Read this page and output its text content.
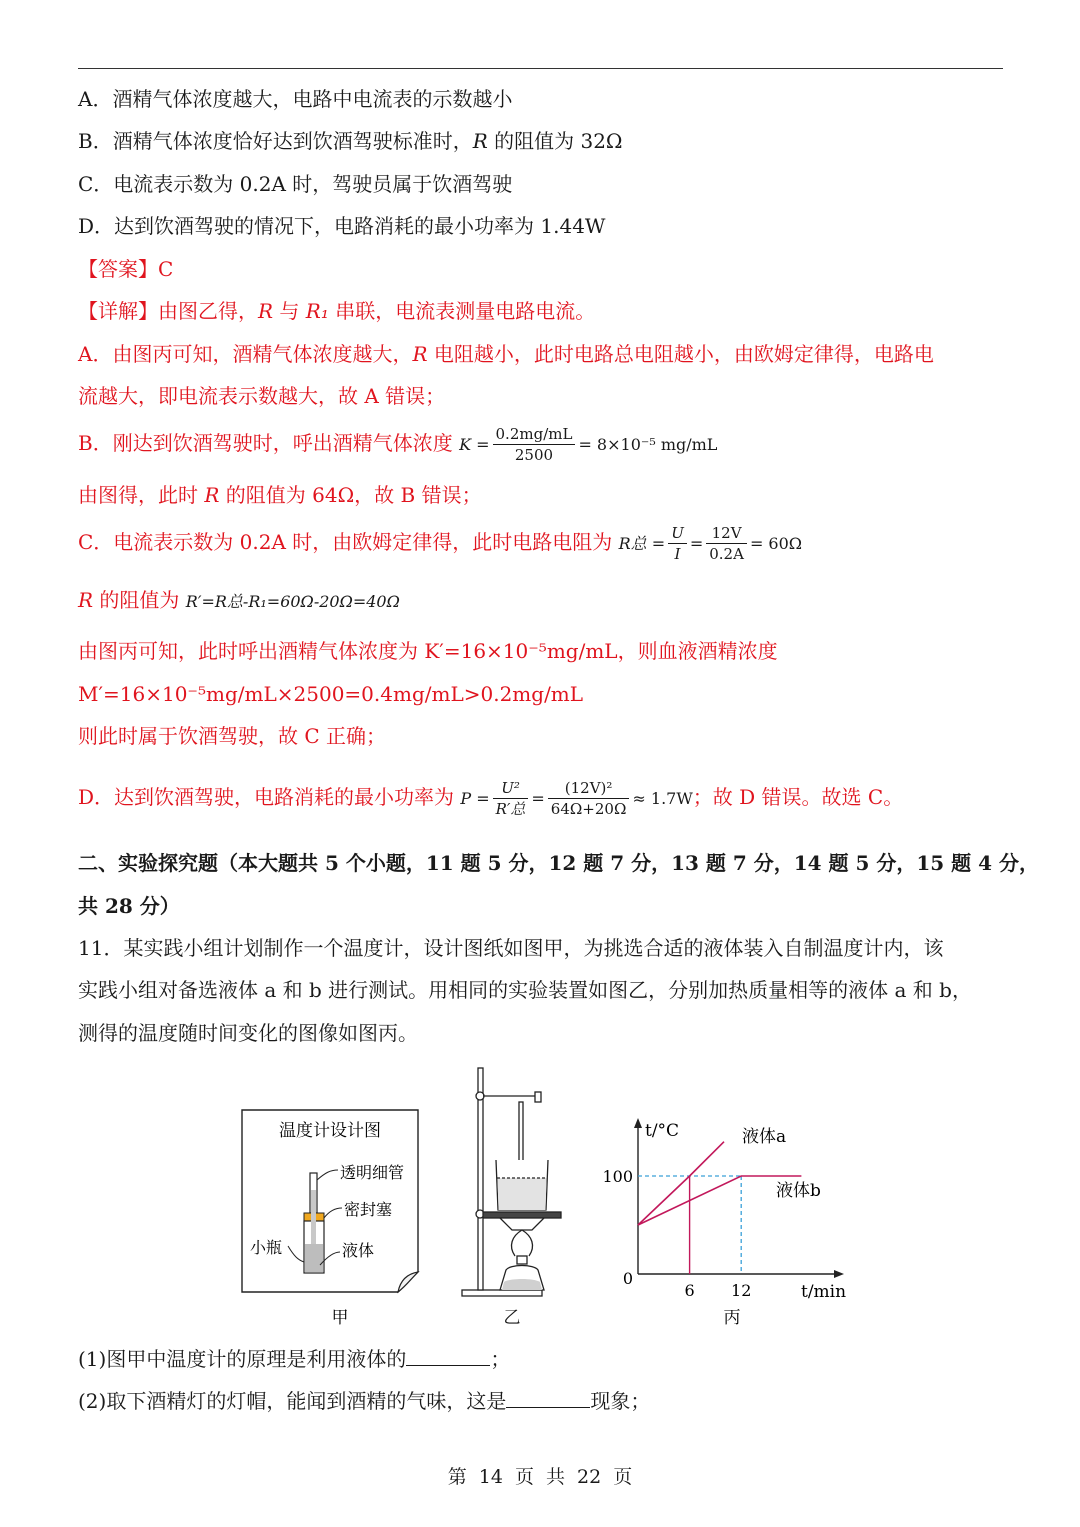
A．酒精气体浓度越大，电路中电流表的示数越小
B．酒精气体浓度恰好达到饮酒驾驶标准时，R 的阻值为 32Ω
C．电流表示数为 0.2A 时，驾驶员属于饮酒驾驶
D．达到饮酒驾驶的情况下，电路消耗的最小功率为 1.44W
【答案】C
【详解】由图乙得，R 与 R₁ 串联，电流表测量电路电流。
A．由图丙可知，酒精气体浓度越大，R 电阻越小，此时电路总电阻越小，由欧姆定律得，电路电
流越大，即电流表示数越大，故 A 错误；
B．刚达到饮酒驾驶时，呼出酒精气体浓度 $K = \frac{0.2mg/mL}{2500} = 8\times 10^{-5}$ mg/mL
由图得，此时 R 的阻值为 64Ω，故 B 错误；
C．电流表示数为 0.2A 时，由欧姆定律得，此时电路电阻为 R总 = $\frac{U}{I} = \frac{12V}{0.2A} = 60\Omega$
R 的阻值为 R′=R总-R₁=60Ω-20Ω=40Ω
由图丙可知，此时呼出酒精气体浓度为 K′=16×10⁻⁵mg/mL，则血液酒精浓度
M′=16×10⁻⁵mg/mL×2500=0.4mg/mL>0.2mg/mL
则此时属于饮酒驾驶，故 C 正确；
D．达到饮酒驾驶，电路消耗的最小功率为 $P = \frac{\text{U²}}{\text{R′总}} = \frac{\text{(12V)²}}{64\Omega+20\Omega} \approx 1.7W$；故 D 错误。故选 C。
二、实验探究题（本大题共 5 个小题，11 题 5 分，12 题 7 分，13 题 7 分，14 题 5 分，15 题 4 分，
共 28 分）
11．某实践小组计划制作一个温度计，设计图纸如图甲，为挑选合适的液体装入自制温度计内，该
实践小组对备选液体 a 和 b 进行测试。用相同的实验装置如图乙，分别加热质量相等的液体 a 和 b，
测得的温度随时间变化的图像如图丙。
温度计设计图
透明细管
密封塞
小瓶	液体
甲	乙
t/°C
t/min
0
100
6 12
液体a
液体b
丙
(1)图甲中温度计的原理是利用液体的	；
(2)取下酒精灯的灯帽，能闻到酒精的气味，这是	现象；
第 14 页 共 22 页
